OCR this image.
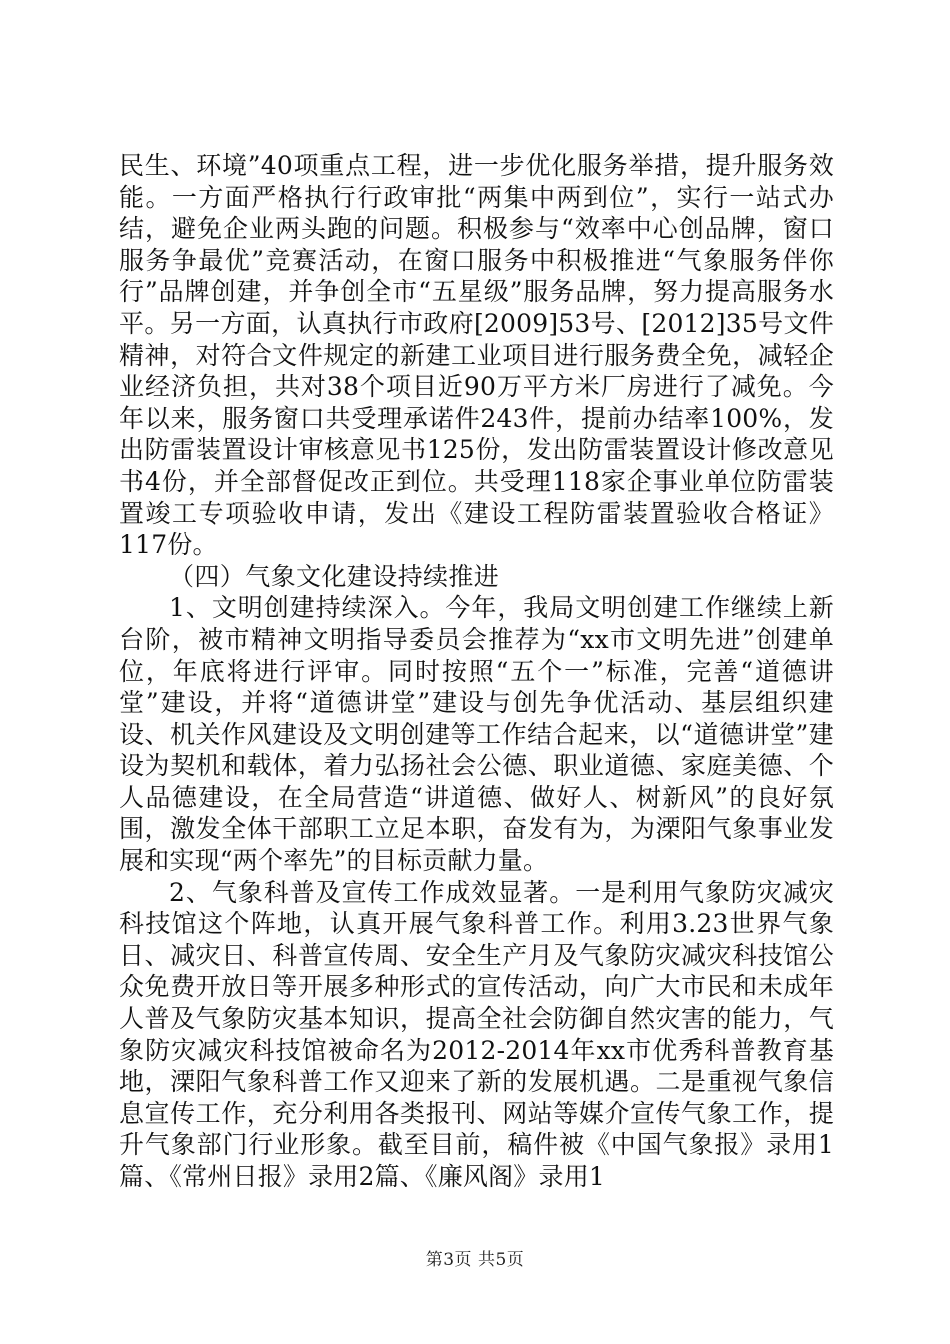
民生、环境”40项重点工程，进一步优化服务举措，提升服务效能。一方面严格执行行政审批“两集中两到位”，实行一站式办结，避免企业两头跑的问题。积极参与“效率中心创品牌，窗口服务争最优”竞赛活动，在窗口服务中积极推进“气象服务伴你行”品牌创建，并争创全市“五星级”服务品牌，努力提高服务水平。另一方面，认真执行市政府[2009]53号、[2012]35号文件精神，对符合文件规定的新建工业项目进行服务费全免，减轻企业经济负担，共对38个项目近90万平方米厂房进行了减免。今年以来，服务窗口共受理承诺件243件，提前办结率100%，发出防雷装置设计审核意见书125份，发出防雷装置设计修改意见书4份，并全部督促改正到位。共受理118家企事业单位防雷装置竣工专项验收申请，发出《建设工程防雷装置验收合格证》117份。

（四）气象文化建设持续推进

1、文明创建持续深入。今年，我局文明创建工作继续上新台阶，被市精神文明指导委员会推荐为“xx市文明先进”创建单位，年底将进行评审。同时按照“五个一”标准，完善“道德讲堂”建设，并将“道德讲堂”建设与创先争优活动、基层组织建设、机关作风建设及文明创建等工作结合起来，以“道德讲堂”建设为契机和载体，着力弘扬社会公德、职业道德、家庭美德、个人品德建设，在全局营造“讲道德、做好人、树新风”的良好氛围，激发全体干部职工立足本职，奋发有为，为溧阳气象事业发展和实现“两个率先”的目标贡献力量。

2、气象科普及宣传工作成效显著。一是利用气象防灾减灾科技馆这个阵地，认真开展气象科普工作。利用3.23世界气象日、减灾日、科普宣传周、安全生产月及气象防灾减灾科技馆公众免费开放日等开展多种形式的宣传活动，向广大市民和未成年人普及气象防灾基本知识，提高全社会防御自然灾害的能力，气象防灾减灾科技馆被命名为2012-2014年xx市优秀科普教育基地，溧阳气象科普工作又迎来了新的发展机遇。二是重视气象信息宣传工作，充分利用各类报刊、网站等媒介宣传气象工作，提升气象部门行业形象。截至目前，稿件被《中国气象报》录用1篇、《常州日报》录用2篇、《廉风阁》录用1

第3页 共5页
